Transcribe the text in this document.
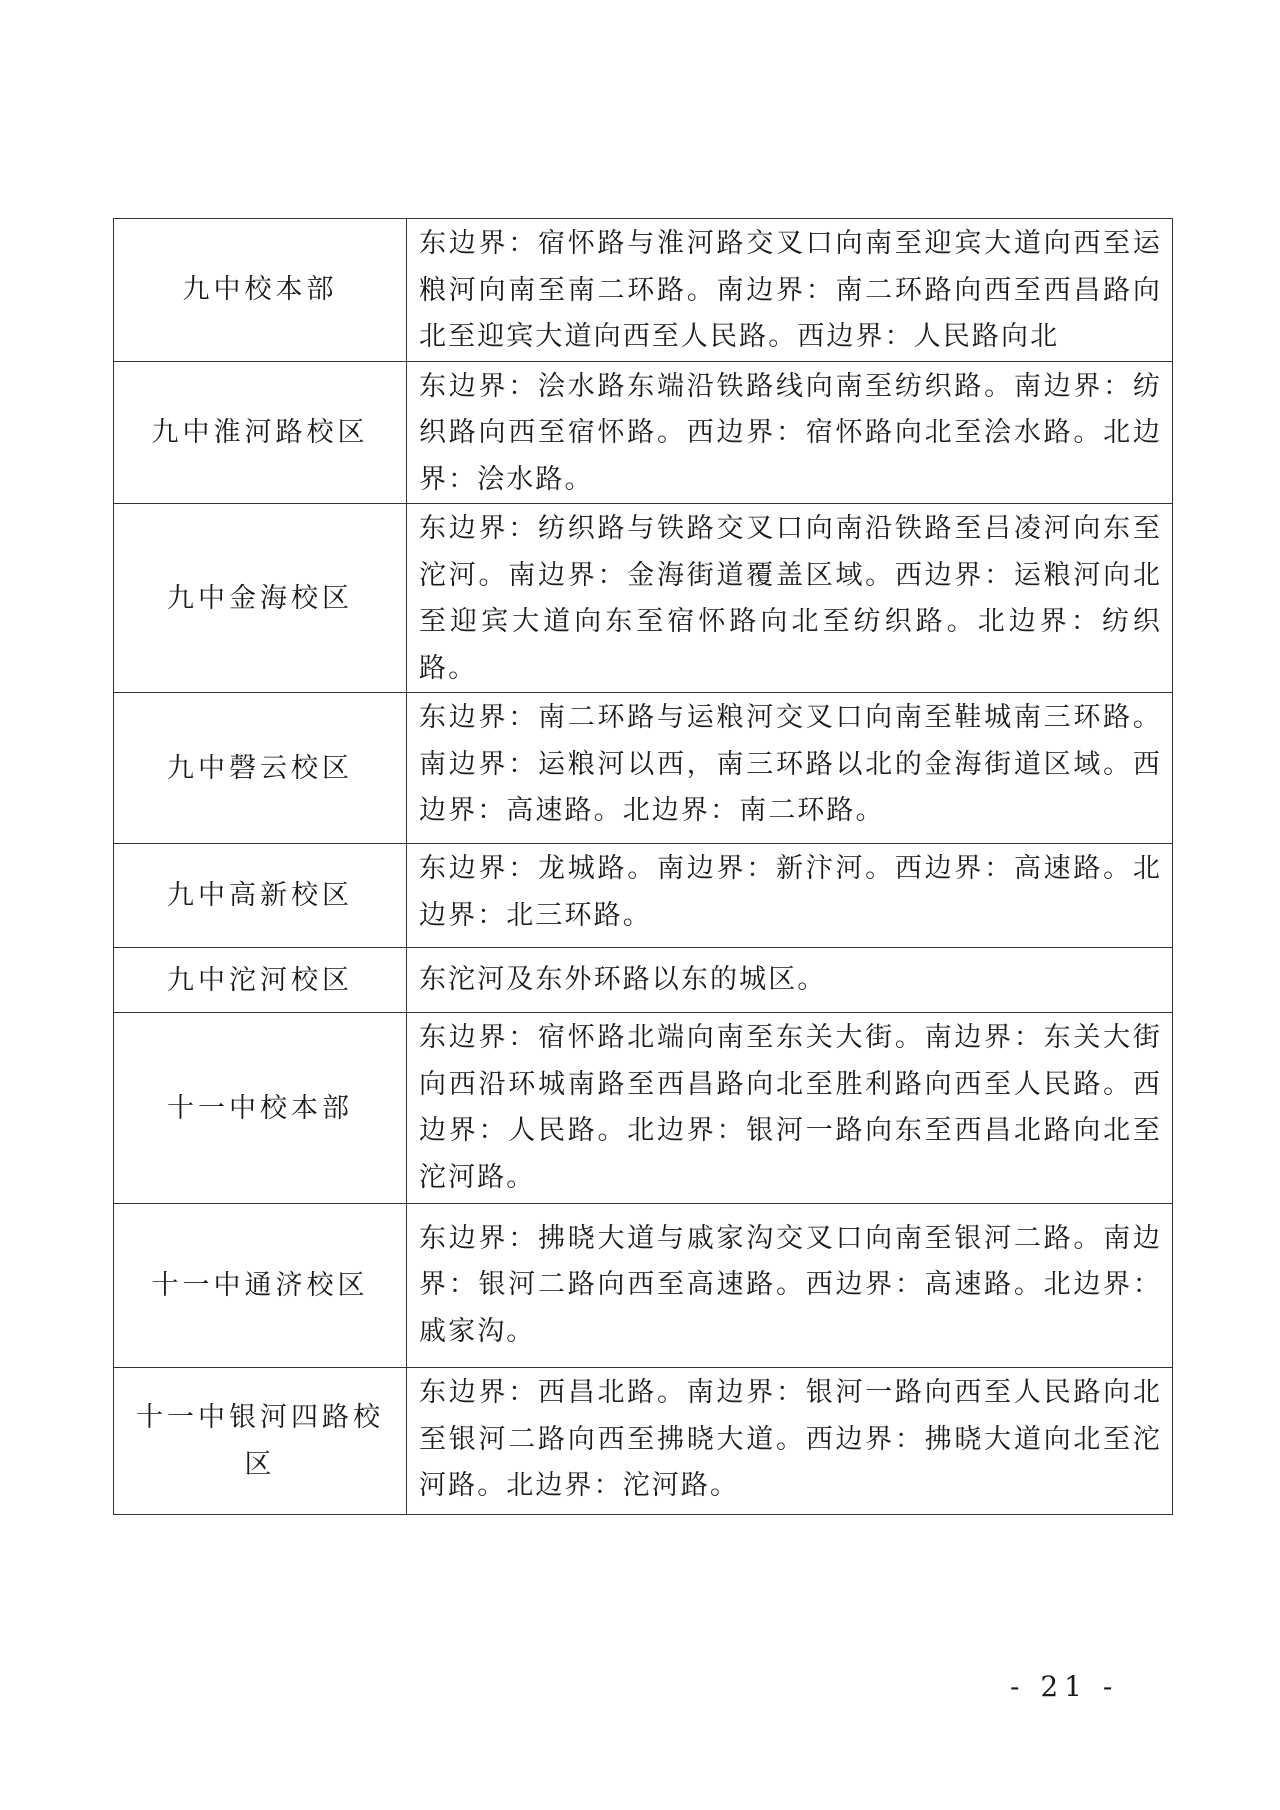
九中校本部	东边界：宿怀路与淮河路交叉口向南至迎宾大道向西至运粮河向南至南二环路。南边界：南二环路向西至西昌路向北至迎宾大道向西至人民路。西边界：人民路向北
九中淮河路校区	东边界：浍水路东端沿铁路线向南至纺织路。南边界：纺织路向西至宿怀路。西边界：宿怀路向北至浍水路。北边界：浍水路。
九中金海校区	东边界：纺织路与铁路交叉口向南沿铁路至吕凌河向东至沱河。南边界：金海街道覆盖区域。西边界：运粮河向北至迎宾大道向东至宿怀路向北至纺织路。北边界：纺织路。
九中磬云校区	东边界：南二环路与运粮河交叉口向南至鞋城南三环路。南边界：运粮河以西，南三环路以北的金海街道区域。西边界：高速路。北边界：南二环路。
九中高新校区	东边界：龙城路。南边界：新汴河。西边界：高速路。北边界：北三环路。
九中沱河校区	东沱河及东外环路以东的城区。
十一中校本部	东边界：宿怀路北端向南至东关大街。南边界：东关大街向西沿环城南路至西昌路向北至胜利路向西至人民路。西边界：人民路。北边界：银河一路向东至西昌北路向北至沱河路。
十一中通济校区	东边界：拂晓大道与戚家沟交叉口向南至银河二路。南边界：银河二路向西至高速路。西边界：高速路。北边界：戚家沟。
十一中银河四路校区	东边界：西昌北路。南边界：银河一路向西至人民路向北至银河二路向西至拂晓大道。西边界：拂晓大道向北至沱河路。北边界：沱河路。
- 21 -
